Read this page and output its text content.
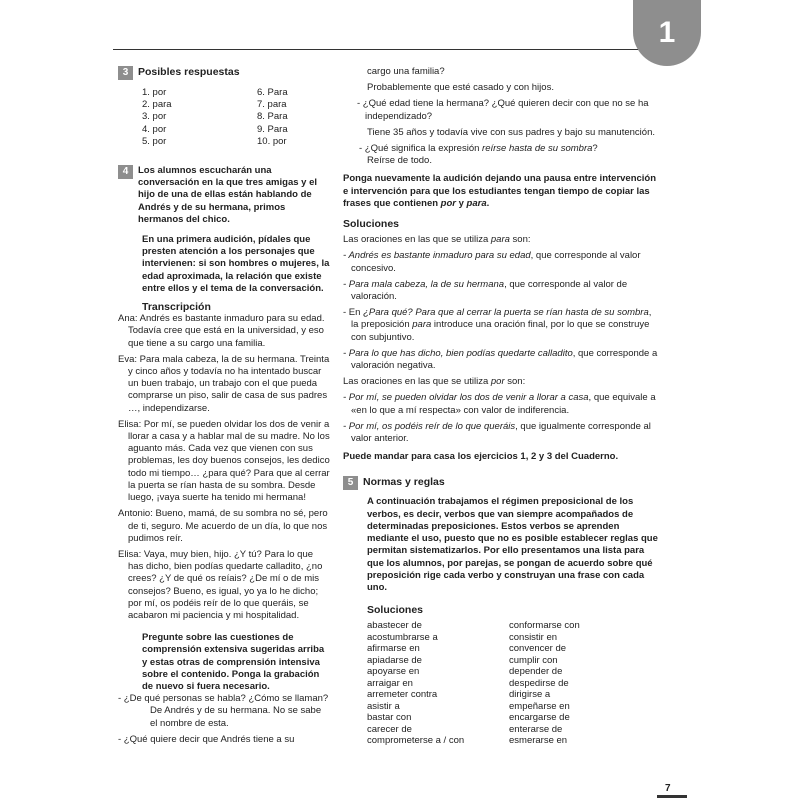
1
3 Posibles respuestas
1. por
2. para
3. por
4. por
5. por
6. Para
7. para
8. Para
9. Para
10. por
4	Los alumnos escucharán una conversación en la que tres amigas y el hijo de una de ellas están hablando de Andrés y de su hermana, primos hermanos del chico.

En una primera audición, pídales que presten atención a los personajes que intervienen: si son hombres o mujeres, la edad aproximada, la relación que existe entre ellos y el tema de la conversación.

Transcripción

Ana: Andrés es bastante inmaduro para su edad. Todavía cree que está en la universidad, y eso que tiene a su cargo una familia.

Eva: Para mala cabeza, la de su hermana. Treinta y cinco años y todavía no ha intentado buscar un buen trabajo, un trabajo con el que pueda comprarse un piso, salir de casa de sus padres …, independizarse.

Elisa: Por mí, se pueden olvidar los dos de venir a llorar a casa y a hablar mal de su madre. No los aguanto más. Cada vez que vienen con sus problemas, les doy buenos consejos, les dedico todo mi tiempo… ¿para qué? Para que al cerrar la puerta se rían hasta de su sombra. Desde luego, ¡vaya suerte ha tenido mi hermana!

Antonio: Bueno, mamá, de su sombra no sé, pero de ti, seguro. Me acuerdo de un día, lo que nos pudimos reír.

Elisa: Vaya, muy bien, hijo. ¿Y tú? Para lo que has dicho, bien podías quedarte calladito, ¿no crees? ¿Y de qué os reíais? ¿De mí o de mis consejos? Bueno, es igual, yo ya lo he dicho; por mí, os podéis reír de lo que queráis, se acabaron mi paciencia y mi hospitalidad.

Pregunte sobre las cuestiones de comprensión extensiva sugeridas arriba y estas otras de comprensión intensiva sobre el contenido. Ponga la grabación de nuevo si fuera necesario.

- ¿De qué personas se habla? ¿Cómo se llaman?

De Andrés y de su hermana. No se sabe el nombre de esta.

- ¿Qué quiere decir que Andrés tiene a su

cargo una familia?

Probablemente que esté casado y con hijos.

- ¿Qué edad tiene la hermana? ¿Qué quieren decir con que no se ha independizado?

Tiene 35 años y todavía vive con sus padres y bajo su manutención.

- ¿Qué significa la expresión reírse hasta de su sombra?

Reírse de todo.

Ponga nuevamente la audición dejando una pausa entre intervención e intervención para que los estudiantes tengan tiempo de copiar las frases que contienen por y para.

Soluciones

Las oraciones en las que se utiliza para son:

- Andrés es bastante inmaduro para su edad, que corresponde al valor concesivo.

- Para mala cabeza, la de su hermana, que corresponde al valor de valoración.

- En ¿Para qué? Para que al cerrar la puerta se rían hasta de su sombra, la preposición para introduce una oración final, por lo que se construye con subjuntivo.

- Para lo que has dicho, bien podías quedarte calladito, que corresponde a valoración negativa.

Las oraciones en las que se utiliza por son:

- Por mí, se pueden olvidar los dos de venir a llorar a casa, que equivale a «en lo que a mí respecta» con valor de indiferencia.

- Por mí, os podéis reír de lo que queráis, que igualmente corresponde al valor anterior.

Puede mandar para casa los ejercicios 1, 2 y 3 del Cuaderno.

5 Normas y reglas

A continuación trabajamos el régimen preposicional de los verbos, es decir, verbos que van siempre acompañados de determinadas preposiciones. Estos verbos se aprenden mediante el uso, puesto que no es posible establecer reglas que permitan sistematizarlos. Por ello presentamos una lista para que los alumnos, por parejas, se pongan de acuerdo sobre qué preposición rige cada verbo y construyan una frase con cada uno.

Soluciones
abastecer de
acostumbrarse a
afirmarse en
apiadarse de
apoyarse en
arraigar en
arremeter contra
asistir a
bastar con
carecer de
comprometerse a / con
conformarse con
consistir en
convencer de
cumplir con
depender de
despedirse de
dirigirse a
empeñarse en
encargarse de
enterarse de
esmerarse en
7
